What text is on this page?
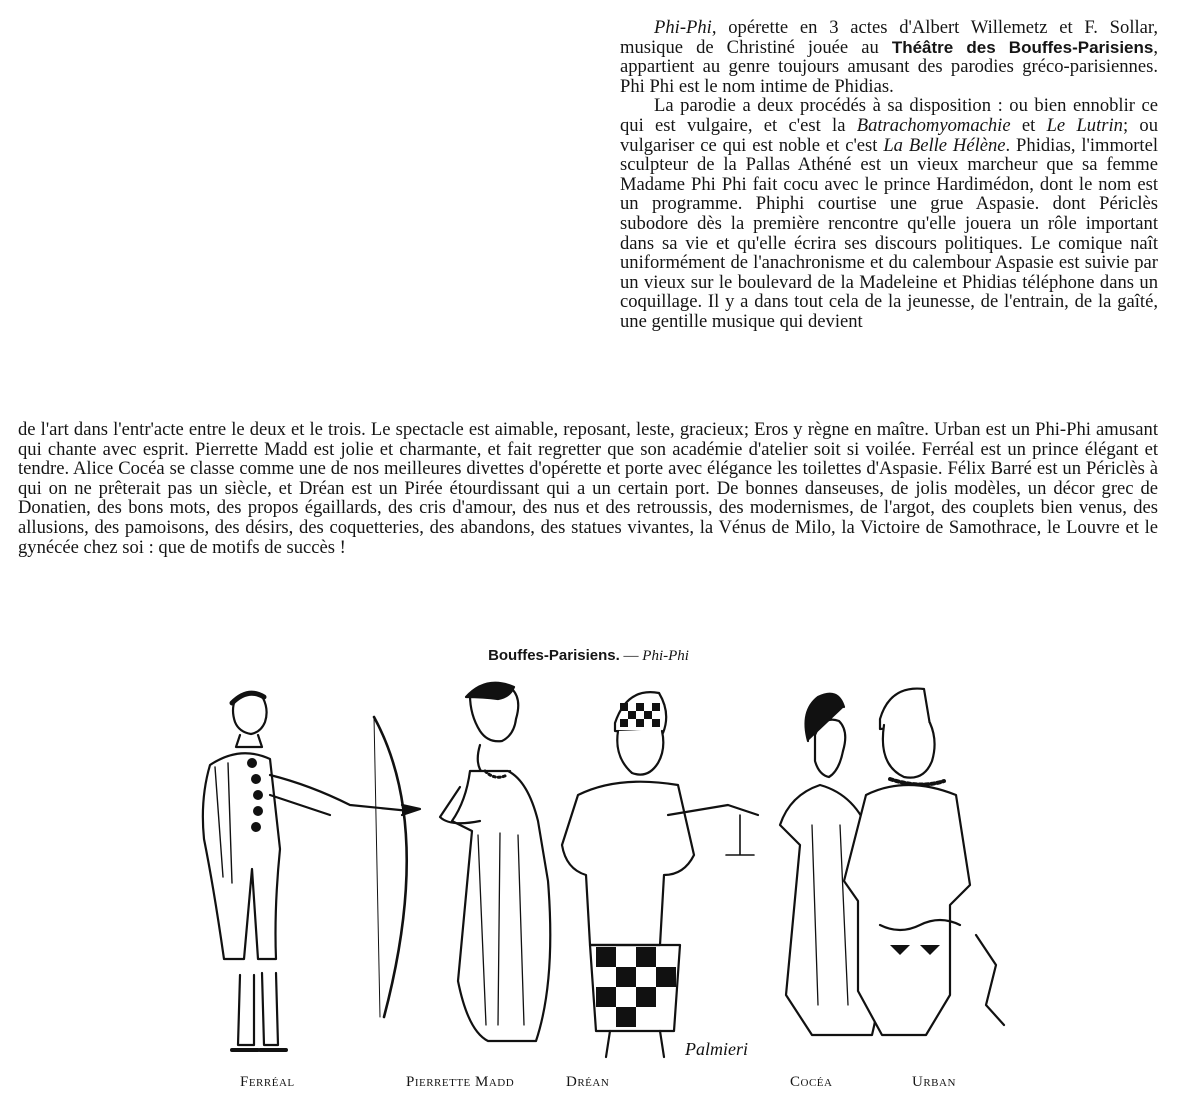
Phi-Phi, opérette en 3 actes d'Albert Willemetz et F. Sollar, musique de Christiné jouée au Théâtre des Bouffes-Parisiens, appartient au genre toujours amusant des parodies gréco-parisiennes. Phi Phi est le nom intime de Phidias.

La parodie a deux procédés à sa disposition : ou bien ennoblir ce qui est vulgaire, et c'est la Batrachomyomachie et Le Lutrin; ou vulgariser ce qui est noble et c'est La Belle Hélène. Phidias, l'immortel sculpteur de la Pallas Athéné est un vieux marcheur que sa femme Madame Phi Phi fait cocu avec le prince Hardimédon, dont le nom est un programme. Phiphi courtise une grue Aspasie. dont Périclès subodore dès la première rencontre qu'elle jouera un rôle important dans sa vie et qu'elle écrira ses discours politiques. Le comique naît uniformément de l'anachronisme et du calembour Aspasie est suivie par un vieux sur le boulevard de la Madeleine et Phidias téléphone dans un coquillage. Il y a dans tout cela de la jeunesse, de l'entrain, de la gaîté, une gentille musique qui devient

de l'art dans l'entr'acte entre le deux et le trois. Le spectacle est aimable, reposant, leste, gracieux; Eros y règne en maître. Urban est un Phi-Phi amusant qui chante avec esprit. Pierrette Madd est jolie et charmante, et fait regretter que son académie d'atelier soit si voilée. Ferréal est un prince élégant et tendre. Alice Cocéa se classe comme une de nos meilleures divettes d'opérette et porte avec élégance les toilettes d'Aspasie. Félix Barré est un Périclès à qui on ne prêterait pas un siècle, et Dréan est un Pirée étourdissant qui a un certain port. De bonnes danseuses, de jolis modèles, un décor grec de Donatien, des bons mots, des propos égaillards, des cris d'amour, des nus et des retroussis, des modernismes, de l'argot, des couplets bien venus, des allusions, des pamoisons, des désirs, des coquetteries, des abandons, des statues vivantes, la Vénus de Milo, la Victoire de Samothrace, le Louvre et le gynécée chez soi : que de motifs de succès !

Bouffes-Parisiens. — Phi-Phi
Palmieri
Ferréal	Pierrette Madd	Dréan	Cocéa	Urban
